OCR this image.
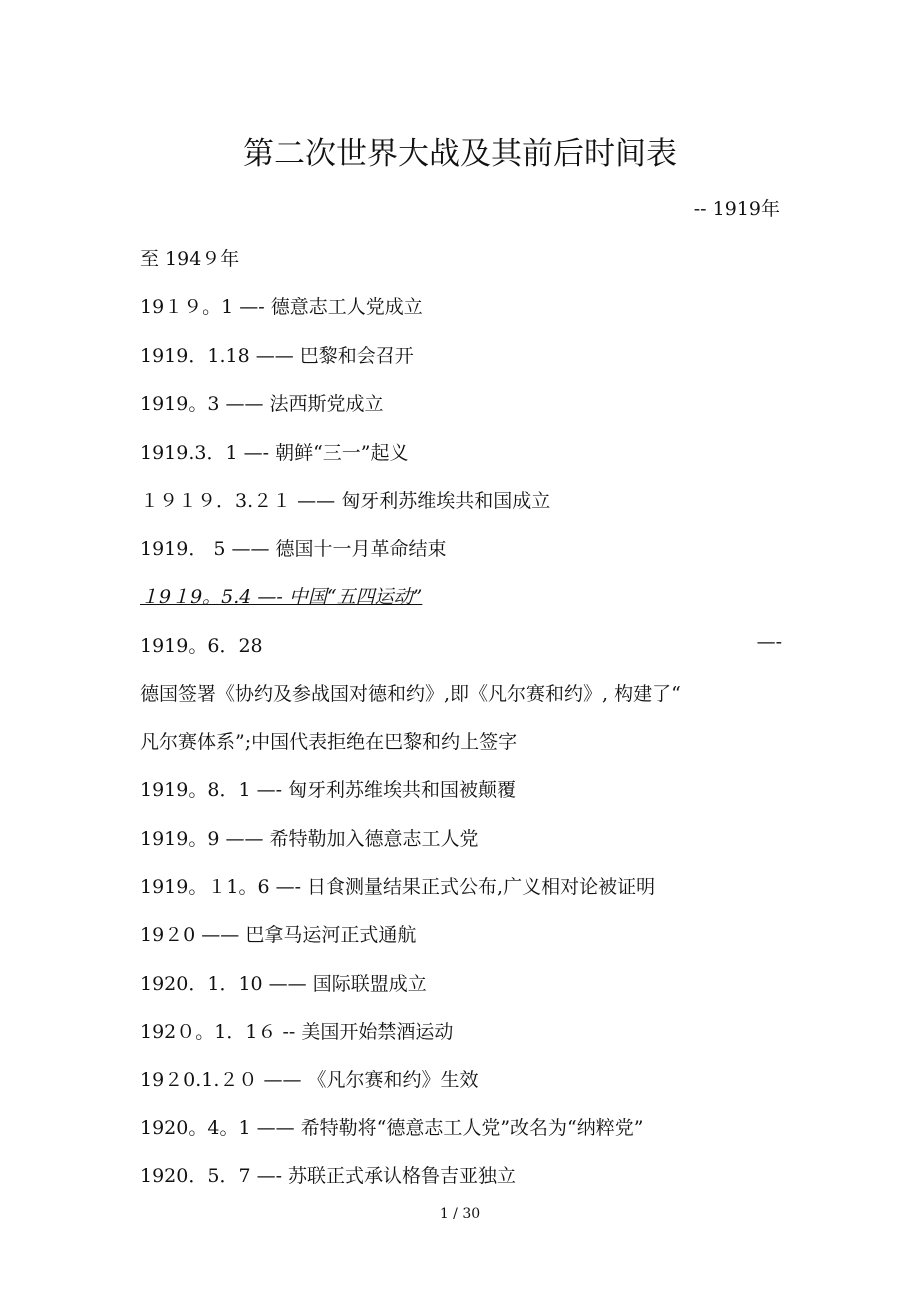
第二次世界大战及其前后时间表
-- 1919年
至 194９年
19１９。1 —- 德意志工人党成立
1919．1.18 —— 巴黎和会召开
1919。3 —— 法西斯党成立
1919.3．1 —- 朝鲜“三一”起义
１９１９．3.２１ —— 匈牙利苏维埃共和国成立
1919． 5 —— 德国十一月革命结束
１9１9。5.4 —- 中国“五四运动”
1919。6．28	—-
德国签署《协约及参战国对德和约》,即《凡尔赛和约》, 构建了“
凡尔赛体系”;中国代表拒绝在巴黎和约上签字
1919。8．1 —- 匈牙利苏维埃共和国被颠覆
1919。9 —— 希特勒加入德意志工人党
1919。１1。6 —- 日食测量结果正式公布,广义相对论被证明
19２0 —— 巴拿马运河正式通航
1920．1．10 —— 国际联盟成立
192０。1．1６ -- 美国开始禁酒运动
19２0.1.２０ —— 《凡尔赛和约》生效
1920。4。1 —— 希特勒将“德意志工人党”改名为“纳粹党”
1920．5．7 —- 苏联正式承认格鲁吉亚独立
1 / 30
